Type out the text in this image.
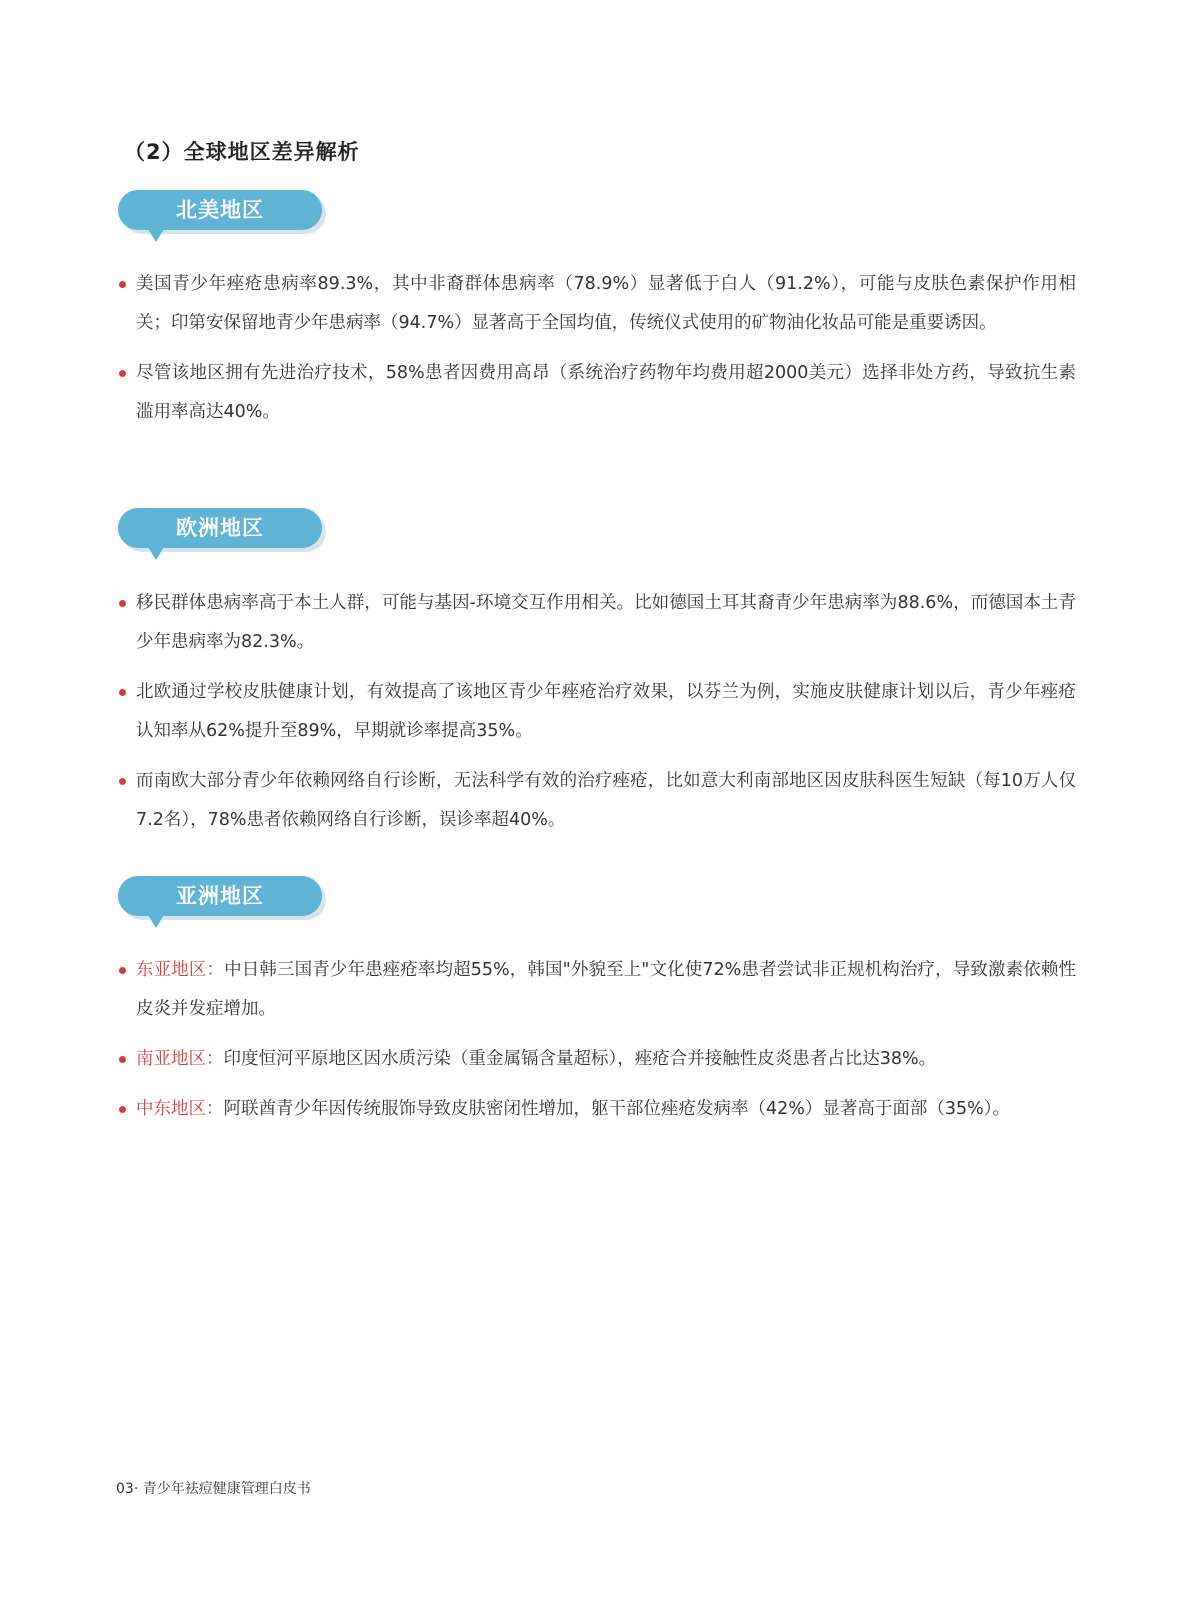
（2）全球地区差异解析
北美地区
美国青少年痤疮患病率89.3%，其中非裔群体患病率（78.9%）显著低于白人（91.2%），可能与皮肤色素保护作用相关；印第安保留地青少年患病率（94.7%）显著高于全国均值，传统仪式使用的矿物油化妆品可能是重要诱因。
尽管该地区拥有先进治疗技术，58%患者因费用高昂（系统治疗药物年均费用超2000美元）选择非处方药，导致抗生素滥用率高达40%。
欧洲地区
移民群体患病率高于本土人群，可能与基因-环境交互作用相关。比如德国土耳其裔青少年患病率为88.6%，而德国本土青少年患病率为82.3%。
北欧通过学校皮肤健康计划，有效提高了该地区青少年痤疮治疗效果，以芬兰为例，实施皮肤健康计划以后，青少年痤疮认知率从62%提升至89%，早期就诊率提高35%。
而南欧大部分青少年依赖网络自行诊断，无法科学有效的治疗痤疮，比如意大利南部地区因皮肤科医生短缺（每10万人仅7.2名），78%患者依赖网络自行诊断，误诊率超40%。
亚洲地区
东亚地区：中日韩三国青少年患痤疮率均超55%，韩国"外貌至上"文化使72%患者尝试非正规机构治疗，导致激素依赖性皮炎并发症增加。
南亚地区：印度恒河平原地区因水质污染（重金属镉含量超标），痤疮合并接触性皮炎患者占比达38%。
中东地区：阿联酋青少年因传统服饰导致皮肤密闭性增加，躯干部位痤疮发病率（42%）显著高于面部（35%）。
03· 青少年祛痘健康管理白皮书
